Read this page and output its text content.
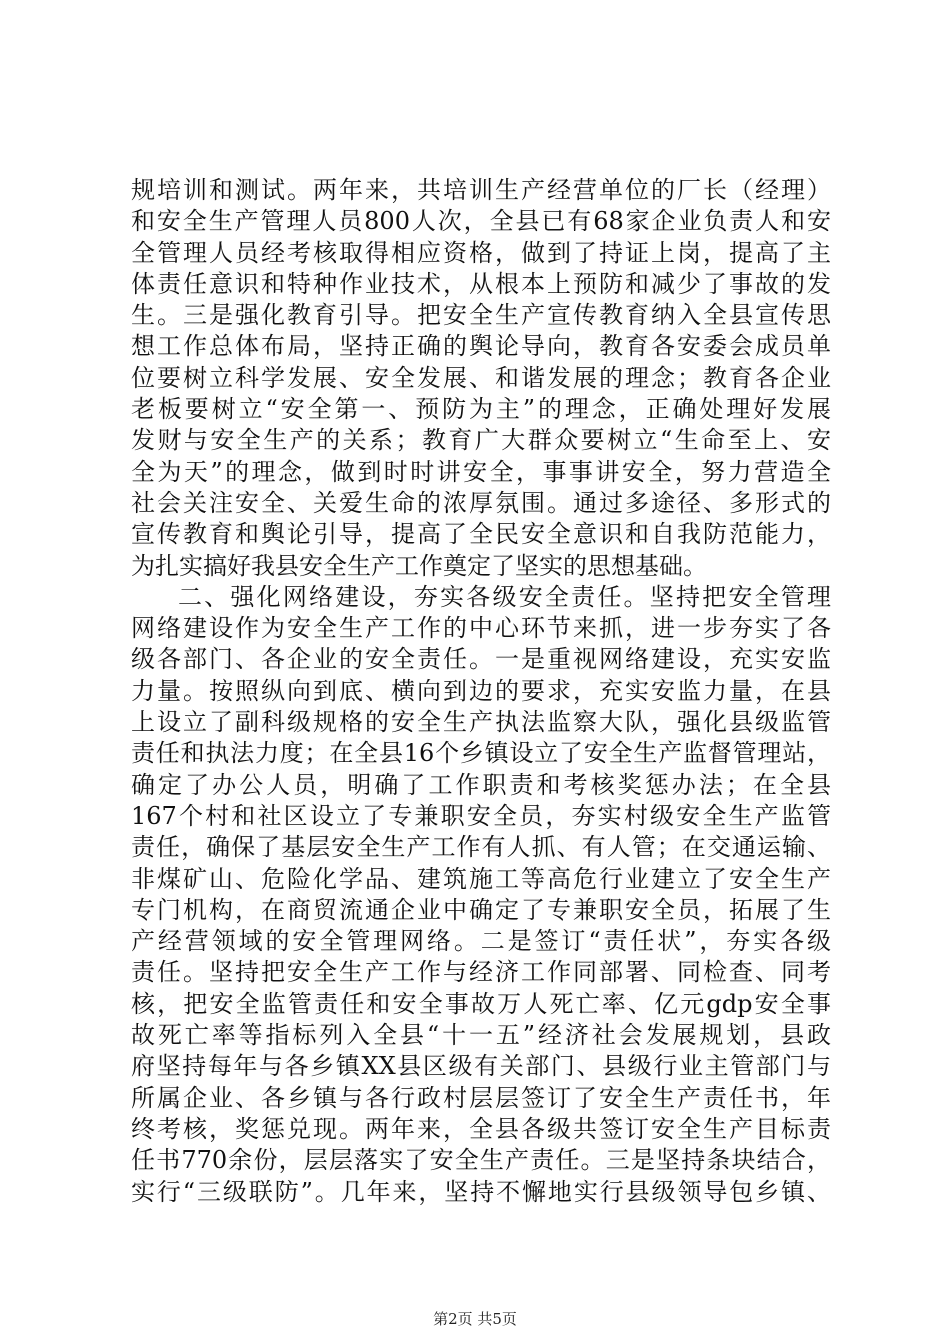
规培训和测试。两年来，共培训生产经营单位的厂长（经理）
和安全生产管理人员800人次，全县已有68家企业负责人和安
全管理人员经考核取得相应资格，做到了持证上岗，提高了主
体责任意识和特种作业技术，从根本上预防和减少了事故的发
生。三是强化教育引导。把安全生产宣传教育纳入全县宣传思
想工作总体布局，坚持正确的舆论导向，教育各安委会成员单
位要树立科学发展、安全发展、和谐发展的理念；教育各企业
老板要树立“安全第一、预防为主”的理念，正确处理好发展
发财与安全生产的关系；教育广大群众要树立“生命至上、安
全为天”的理念，做到时时讲安全，事事讲安全，努力营造全
社会关注安全、关爱生命的浓厚氛围。通过多途径、多形式的
宣传教育和舆论引导，提高了全民安全意识和自我防范能力，
为扎实搞好我县安全生产工作奠定了坚实的思想基础。
二、强化网络建设，夯实各级安全责任。坚持把安全管理
网络建设作为安全生产工作的中心环节来抓，进一步夯实了各
级各部门、各企业的安全责任。一是重视网络建设，充实安监
力量。按照纵向到底、横向到边的要求，充实安监力量，在县
上设立了副科级规格的安全生产执法监察大队，强化县级监管
责任和执法力度；在全县16个乡镇设立了安全生产监督管理站，
确定了办公人员，明确了工作职责和考核奖惩办法；在全县
167个村和社区设立了专兼职安全员，夯实村级安全生产监管
责任，确保了基层安全生产工作有人抓、有人管；在交通运输、
非煤矿山、危险化学品、建筑施工等高危行业建立了安全生产
专门机构，在商贸流通企业中确定了专兼职安全员，拓展了生
产经营领域的安全管理网络。二是签订“责任状”，夯实各级
责任。坚持把安全生产工作与经济工作同部署、同检查、同考
核，把安全监管责任和安全事故万人死亡率、亿元gdp安全事
故死亡率等指标列入全县“十一五”经济社会发展规划，县政
府坚持每年与各乡镇XX县区级有关部门、县级行业主管部门与
所属企业、各乡镇与各行政村层层签订了安全生产责任书，年
终考核，奖惩兑现。两年来，全县各级共签订安全生产目标责
任书770余份，层层落实了安全生产责任。三是坚持条块结合，
实行“三级联防”。几年来，坚持不懈地实行县级领导包乡镇、
第2页 共5页
